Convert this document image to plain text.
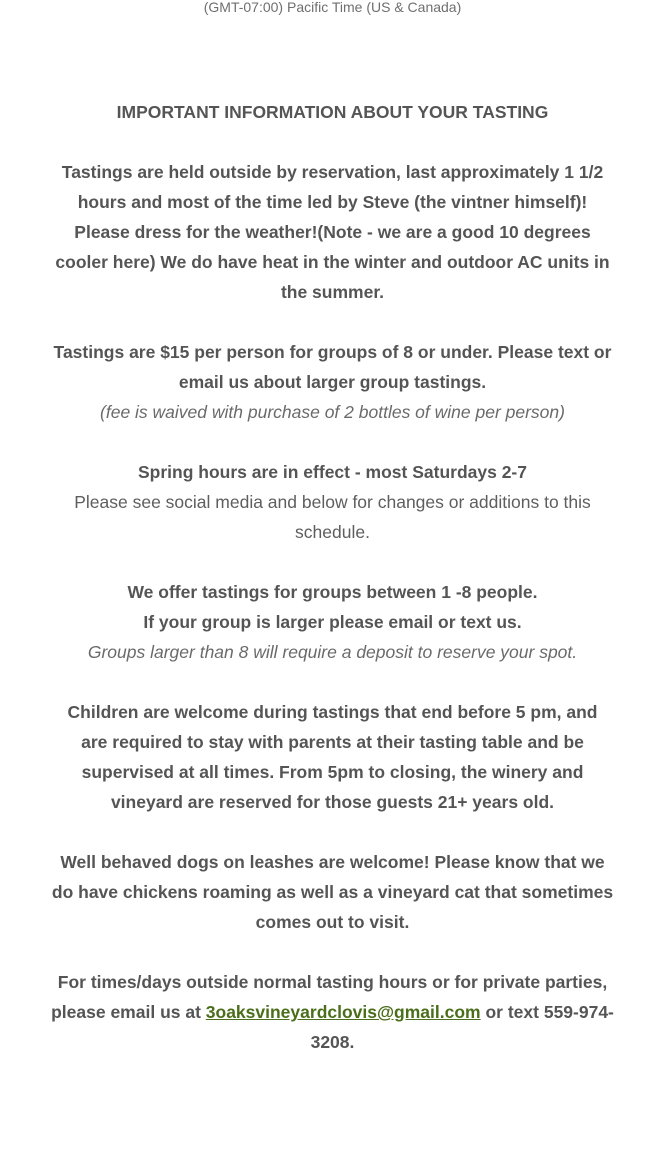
(GMT-07:00) Pacific Time (US & Canada)

IMPORTANT INFORMATION ABOUT YOUR TASTING

Tastings are held outside by reservation, last approximately 1 1/2

hours and most of the time led by Steve (the vintner himself)!

Please dress for the weather!(Note - we are a good 10 degrees

cooler here) We do have heat in the winter and outdoor AC units in

the summer.

Tastings are $15 per person for groups of 8 or under. Please text or

email us about larger group tastings.

(fee is waived with purchase of 2 bottles of wine per person)

Spring hours are in effect - most Saturdays 2-7

Please see social media and below for changes or additions to this

schedule.

We offer tastings for groups between 1 -8 people.

If your group is larger please email or text us.

Groups larger than 8 will require a deposit to reserve your spot.

Children are welcome during tastings that end before 5 pm, and

are required to stay with parents at their tasting table and be

supervised at all times. From 5pm to closing, the winery and

vineyard are reserved for those guests 21+ years old.

Well behaved dogs on leashes are welcome! Please know that we

do have chickens roaming as well as a vineyard cat that sometimes

comes out to visit.

For times/days outside normal tasting hours or for private parties,

please email us at 3oaksvineyardclovis@gmail.com or text 559-974-

3208.
